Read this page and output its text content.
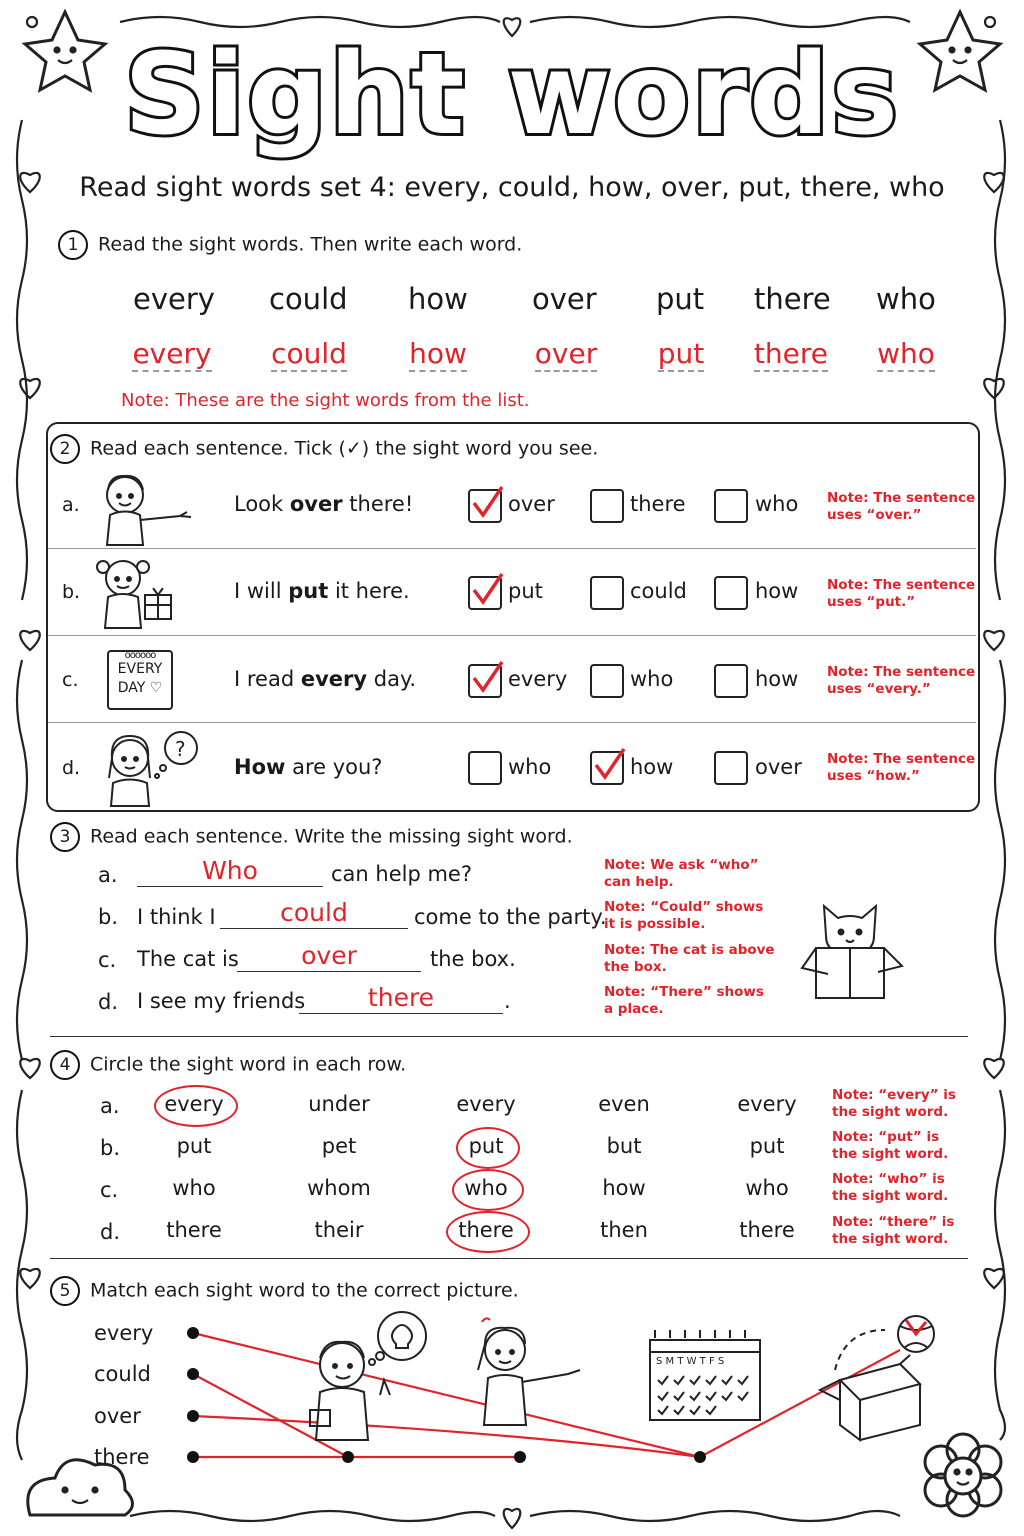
Sight words
Read sight words set 4: every, could, how, over, put, there, who
1 Read the sight words. Then write each word.
every could how over put there who
every	could	how	over	put	there	who
Note: These are the sight words from the list.
2 Read each sentence. Tick (✓) the sight word you see.
oooooo
EVERY
DAY ♡
?
a.	Look over there!	over	there	who Note: The sentence
uses “over.”
b.	I will put it here.	put	could	how Note: The sentence
uses “put.”
c.	I read every day.	every	who	how Note: The sentence
uses “every.”
d.	How are you?	who	how	over Note: The sentence
uses “how.”
3 Read each sentence. Write the missing sight word.
a.	Who	can help me?	Note: We ask “who”
can help.
b. I think I	could	come to the party.
Note: “Could” shows
it is possible.
c. The cat is	over	the box.	Note: The cat is above
the box.
d. I see my friends	there	.	Note: “There” shows
a place.
4 Circle the sight word in each row.
a.	every	under	every	even	every	Note: “every” is
the sight word.
b.	put	pet	put	but	put	Note: “put” is
the sight word.
c.	who	whom	who	how	who	Note: “who” is
the sight word.
d.	there	their	there	then	there	Note: “there” is
the sight word.
5 Match each sight word to the correct picture.
every
could
over
there
S M T W T F S
